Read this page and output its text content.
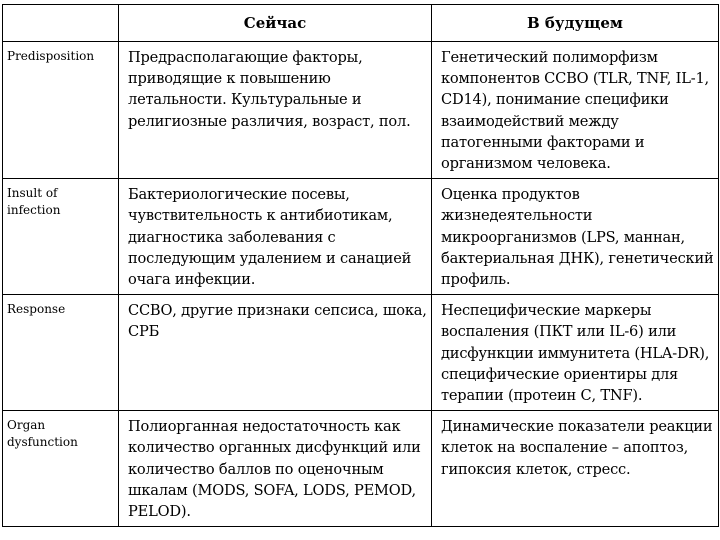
	Сейчас	В будущем
Predisposition	Предрасполагающие факторы, приводящие к повышению летальности. Культуральные и религиозные различия, возраст, пол.	Генетический полиморфизм компонентов ССВО (TLR, TNF, IL-1, CD14), понимание специфики взаимодействий между патогенными факторами и организмом человека.
Insult of infection	Бактериологические посевы, чувствительность к антибиотикам, диагностика заболевания с последующим удалением и санацией очага инфекции.	Оценка продуктов жизнедеятельности микроорганизмов (LPS, маннан, бактериальная ДНК), генетический профиль.
Response	ССВО, другие признаки сепсиса, шока, СРБ	Неспецифические маркеры воспаления (ПКТ или IL-6) или дисфункции иммунитета (HLA-DR), специфические ориентиры для терапии (протеин С, TNF).
Organ dysfunction	Полиорганная недостаточность как количество органных дисфункций или количество баллов по оценочным шкалам (MODS, SOFA, LODS, PEMOD, PELOD).	Динамические показатели реакции клеток на воспаление – апоптоз, гипоксия клеток, стресс.
